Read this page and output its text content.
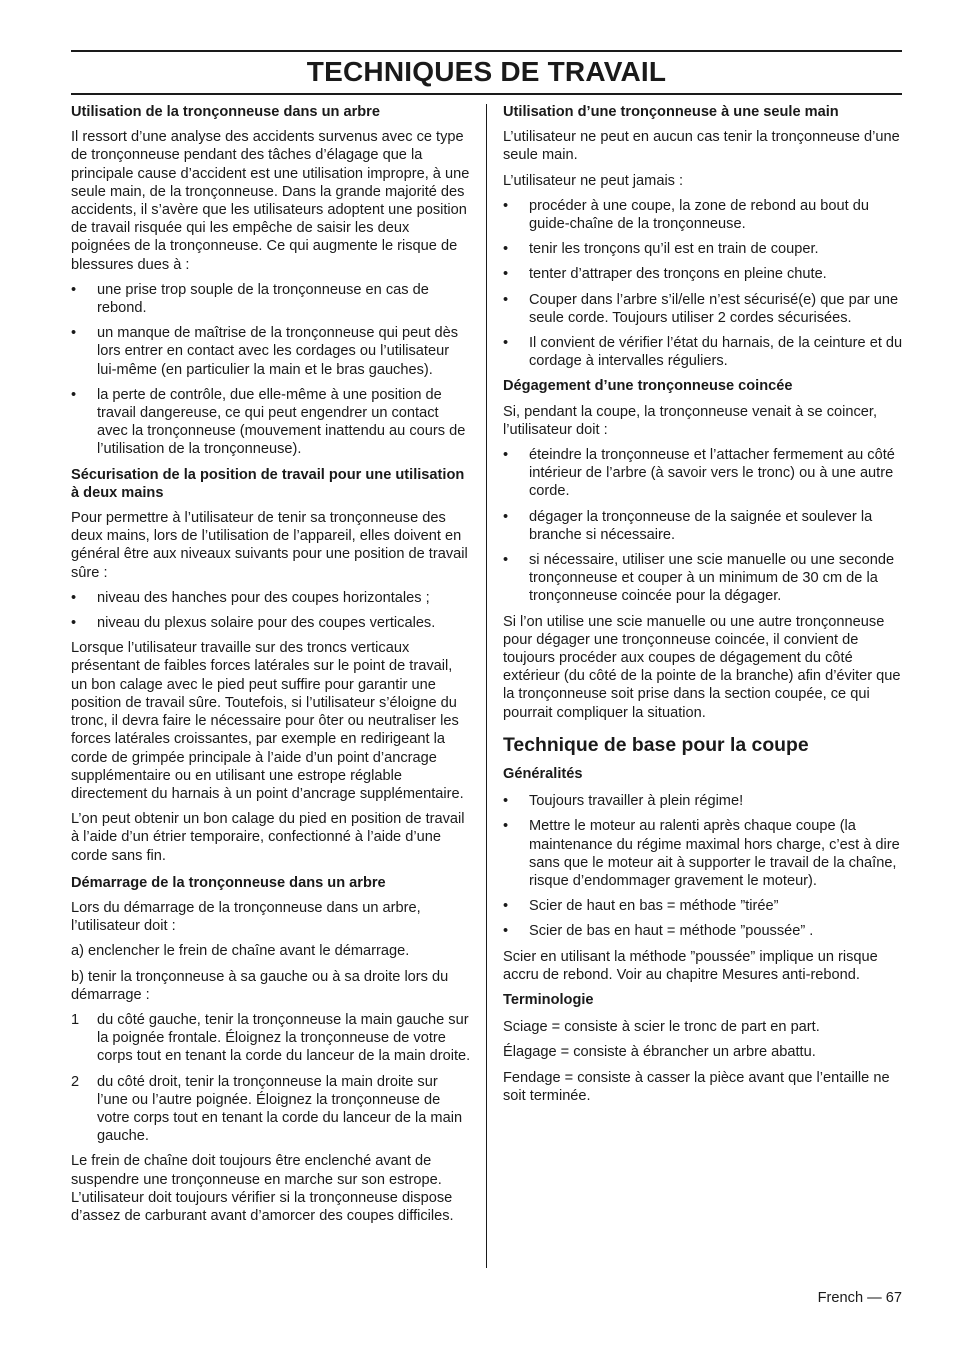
TECHNIQUES DE TRAVAIL
Utilisation de la tronçonneuse dans un arbre

Il ressort d’une analyse des accidents survenus avec ce type de tronçonneuse pendant des tâches d’élagage que la principale cause d’accident est une utilisation impropre, à une seule main, de la tronçonneuse. Dans la grande majorité des accidents, il s’avère que les utilisateurs adoptent une position de travail risquée qui les empêche de saisir les deux poignées de la tronçonneuse. Ce qui augmente le risque de blessures dues à :

•	une prise trop souple de la tronçonneuse en cas de rebond.
•	un manque de maîtrise de la tronçonneuse qui peut dès lors entrer en contact avec les cordages ou l’utilisateur lui-même (en particulier la main et le bras gauches).
•	la perte de contrôle, due elle-même à une position de travail dangereuse, ce qui peut engendrer un contact avec la tronçonneuse (mouvement inattendu au cours de l’utilisation de la tronçonneuse).
Sécurisation de la position de travail pour une utilisation à deux mains

Pour permettre à l’utilisateur de tenir sa tronçonneuse des deux mains, lors de l’utilisation de l’appareil, elles doivent en général être aux niveaux suivants pour une position de travail sûre :

•	niveau des hanches pour des coupes horizontales ;
•	niveau du plexus solaire pour des coupes verticales.

Lorsque l’utilisateur travaille sur des troncs verticaux présentant de faibles forces latérales sur le point de travail, un bon calage avec le pied peut suffire pour garantir une position de travail sûre. Toutefois, si l’utilisateur s’éloigne du tronc, il devra faire le nécessaire pour ôter ou neutraliser les forces latérales croissantes, par exemple en redirigeant la corde de grimpée principale à l’aide d’un point d’ancrage supplémentaire ou en utilisant une estrope réglable directement du harnais à un point d’ancrage supplémentaire.

L’on peut obtenir un bon calage du pied en position de travail à l’aide d’un étrier temporaire, confectionné à l’aide d’une corde sans fin.

Démarrage de la tronçonneuse dans un arbre

Lors du démarrage de la tronçonneuse dans un arbre, l’utilisateur doit :

a) enclencher le frein de chaîne avant le démarrage.

b) tenir la tronçonneuse à sa gauche ou à sa droite lors du démarrage :

1	du côté gauche, tenir la tronçonneuse la main gauche sur la poignée frontale. Éloignez la tronçonneuse de votre corps tout en tenant la corde du lanceur de la main droite.
2	du côté droit, tenir la tronçonneuse la main droite sur l’une ou l’autre poignée. Éloignez la tronçonneuse de votre corps tout en tenant la corde du lanceur de la main gauche.

Le frein de chaîne doit toujours être enclenché avant de suspendre une tronçonneuse en marche sur son estrope. L’utilisateur doit toujours vérifier si la tronçonneuse dispose d’assez de carburant avant d’amorcer des coupes difficiles.

Utilisation d’une tronçonneuse à une seule main

L’utilisateur ne peut en aucun cas tenir la tronçonneuse d’une seule main.

L’utilisateur ne peut jamais :

•	procéder à une coupe, la zone de rebond au bout du guide-chaîne de la tronçonneuse.
•	tenir les tronçons qu’il est en train de couper.
•	tenter d’attraper des tronçons en pleine chute.
•	Couper dans l’arbre s’il/elle n’est sécurisé(e) que par une seule corde. Toujours utiliser 2 cordes sécurisées.
•	Il convient de vérifier l’état du harnais, de la ceinture et du cordage à intervalles réguliers.
Dégagement d’une tronçonneuse coincée

Si, pendant la coupe, la tronçonneuse venait à se coincer, l’utilisateur doit :

•	éteindre la tronçonneuse et l’attacher fermement au côté intérieur de l’arbre (à savoir vers le tronc) ou à une autre corde.
•	dégager la tronçonneuse de la saignée et soulever la branche si nécessaire.
•	si nécessaire, utiliser une scie manuelle ou une seconde tronçonneuse et couper à un minimum de 30 cm de la tronçonneuse coincée pour la dégager.

Si l’on utilise une scie manuelle ou une autre tronçonneuse pour dégager une tronçonneuse coincée, il convient de toujours procéder aux coupes de dégagement du côté extérieur (du côté de la pointe de la branche) afin d’éviter que la tronçonneuse soit prise dans la section coupée, ce qui pourrait compliquer la situation.

Technique de base pour la coupe
Généralités
•	Toujours travailler à plein régime!
•	Mettre le moteur au ralenti après chaque coupe (la maintenance du régime maximal hors charge, c’est à dire sans que le moteur ait à supporter le travail de la chaîne, risque d’endommager gravement le moteur).
•	Scier de haut en bas = méthode ”tirée”
•	Scier de bas en haut = méthode ”poussée” .

Scier en utilisant la méthode ”poussée” implique un risque accru de rebond. Voir au chapitre Mesures anti-rebond.

Terminologie

Sciage = consiste à scier le tronc de part en part.

Élagage = consiste à ébrancher un arbre abattu.

Fendage = consiste à casser la pièce avant que l’entaille ne soit terminée.

French — 67
